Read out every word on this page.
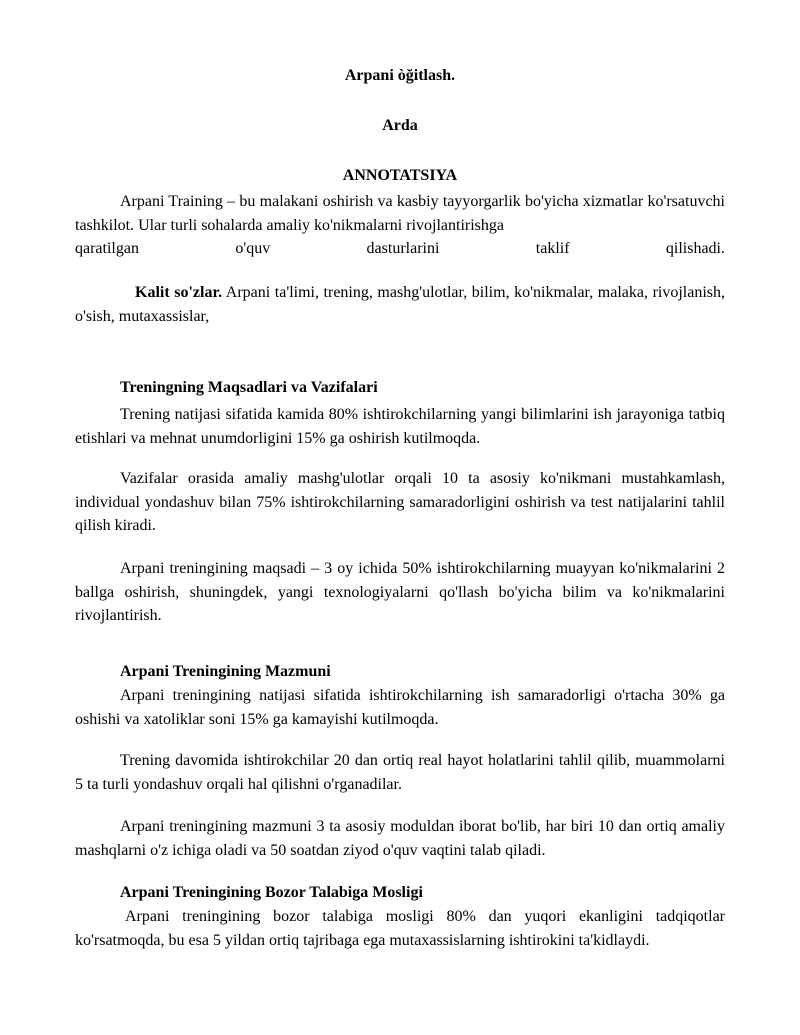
Arpani òğitlash.
Arda
ANNOTATSIYA
Arpani Training – bu malakani oshirish va kasbiy tayyorgarlik bo'yicha xizmatlar ko'rsatuvchi tashkilot. Ular turli sohalarda amaliy ko'nikmalarni rivojlantirishga
qaratilgan o'quv dasturlarini taklif qilishadi.
Kalit so'zlar. Arpani ta'limi, trening, mashg'ulotlar, bilim, ko'nikmalar, malaka, rivojlanish, o'sish, mutaxassislar,
Treningning Maqsadlari va Vazifalari
Trening natijasi sifatida kamida 80% ishtirokchilarning yangi bilimlarini ish jarayoniga tatbiq etishlari va mehnat unumdorligini 15% ga oshirish kutilmoqda.
Vazifalar orasida amaliy mashg'ulotlar orqali 10 ta asosiy ko'nikmani mustahkamlash, individual yondashuv bilan 75% ishtirokchilarning samaradorligini oshirish va test natijalarini tahlil qilish kiradi.
Arpani treningining maqsadi – 3 oy ichida 50% ishtirokchilarning muayyan ko'nikmalarini 2 ballga oshirish, shuningdek, yangi texnologiyalarni qo'llash bo'yicha bilim va ko'nikmalarini rivojlantirish.
Arpani Treningining Mazmuni
Arpani treningining natijasi sifatida ishtirokchilarning ish samaradorligi o'rtacha 30% ga oshishi va xatoliklar soni 15% ga kamayishi kutilmoqda.
Trening davomida ishtirokchilar 20 dan ortiq real hayot holatlarini tahlil qilib, muammolarni 5 ta turli yondashuv orqali hal qilishni o'rganadilar.
Arpani treningining mazmuni 3 ta asosiy moduldan iborat bo'lib, har biri 10 dan ortiq amaliy mashqlarni o'z ichiga oladi va 50 soatdan ziyod o'quv vaqtini talab qiladi.
Arpani Treningining Bozor Talabiga Mosligi
Arpani treningining bozor talabiga mosligi 80% dan yuqori ekanligini tadqiqotlar ko'rsatmoqda, bu esa 5 yildan ortiq tajribaga ega mutaxassislarning ishtirokini ta'kidlaydi.
